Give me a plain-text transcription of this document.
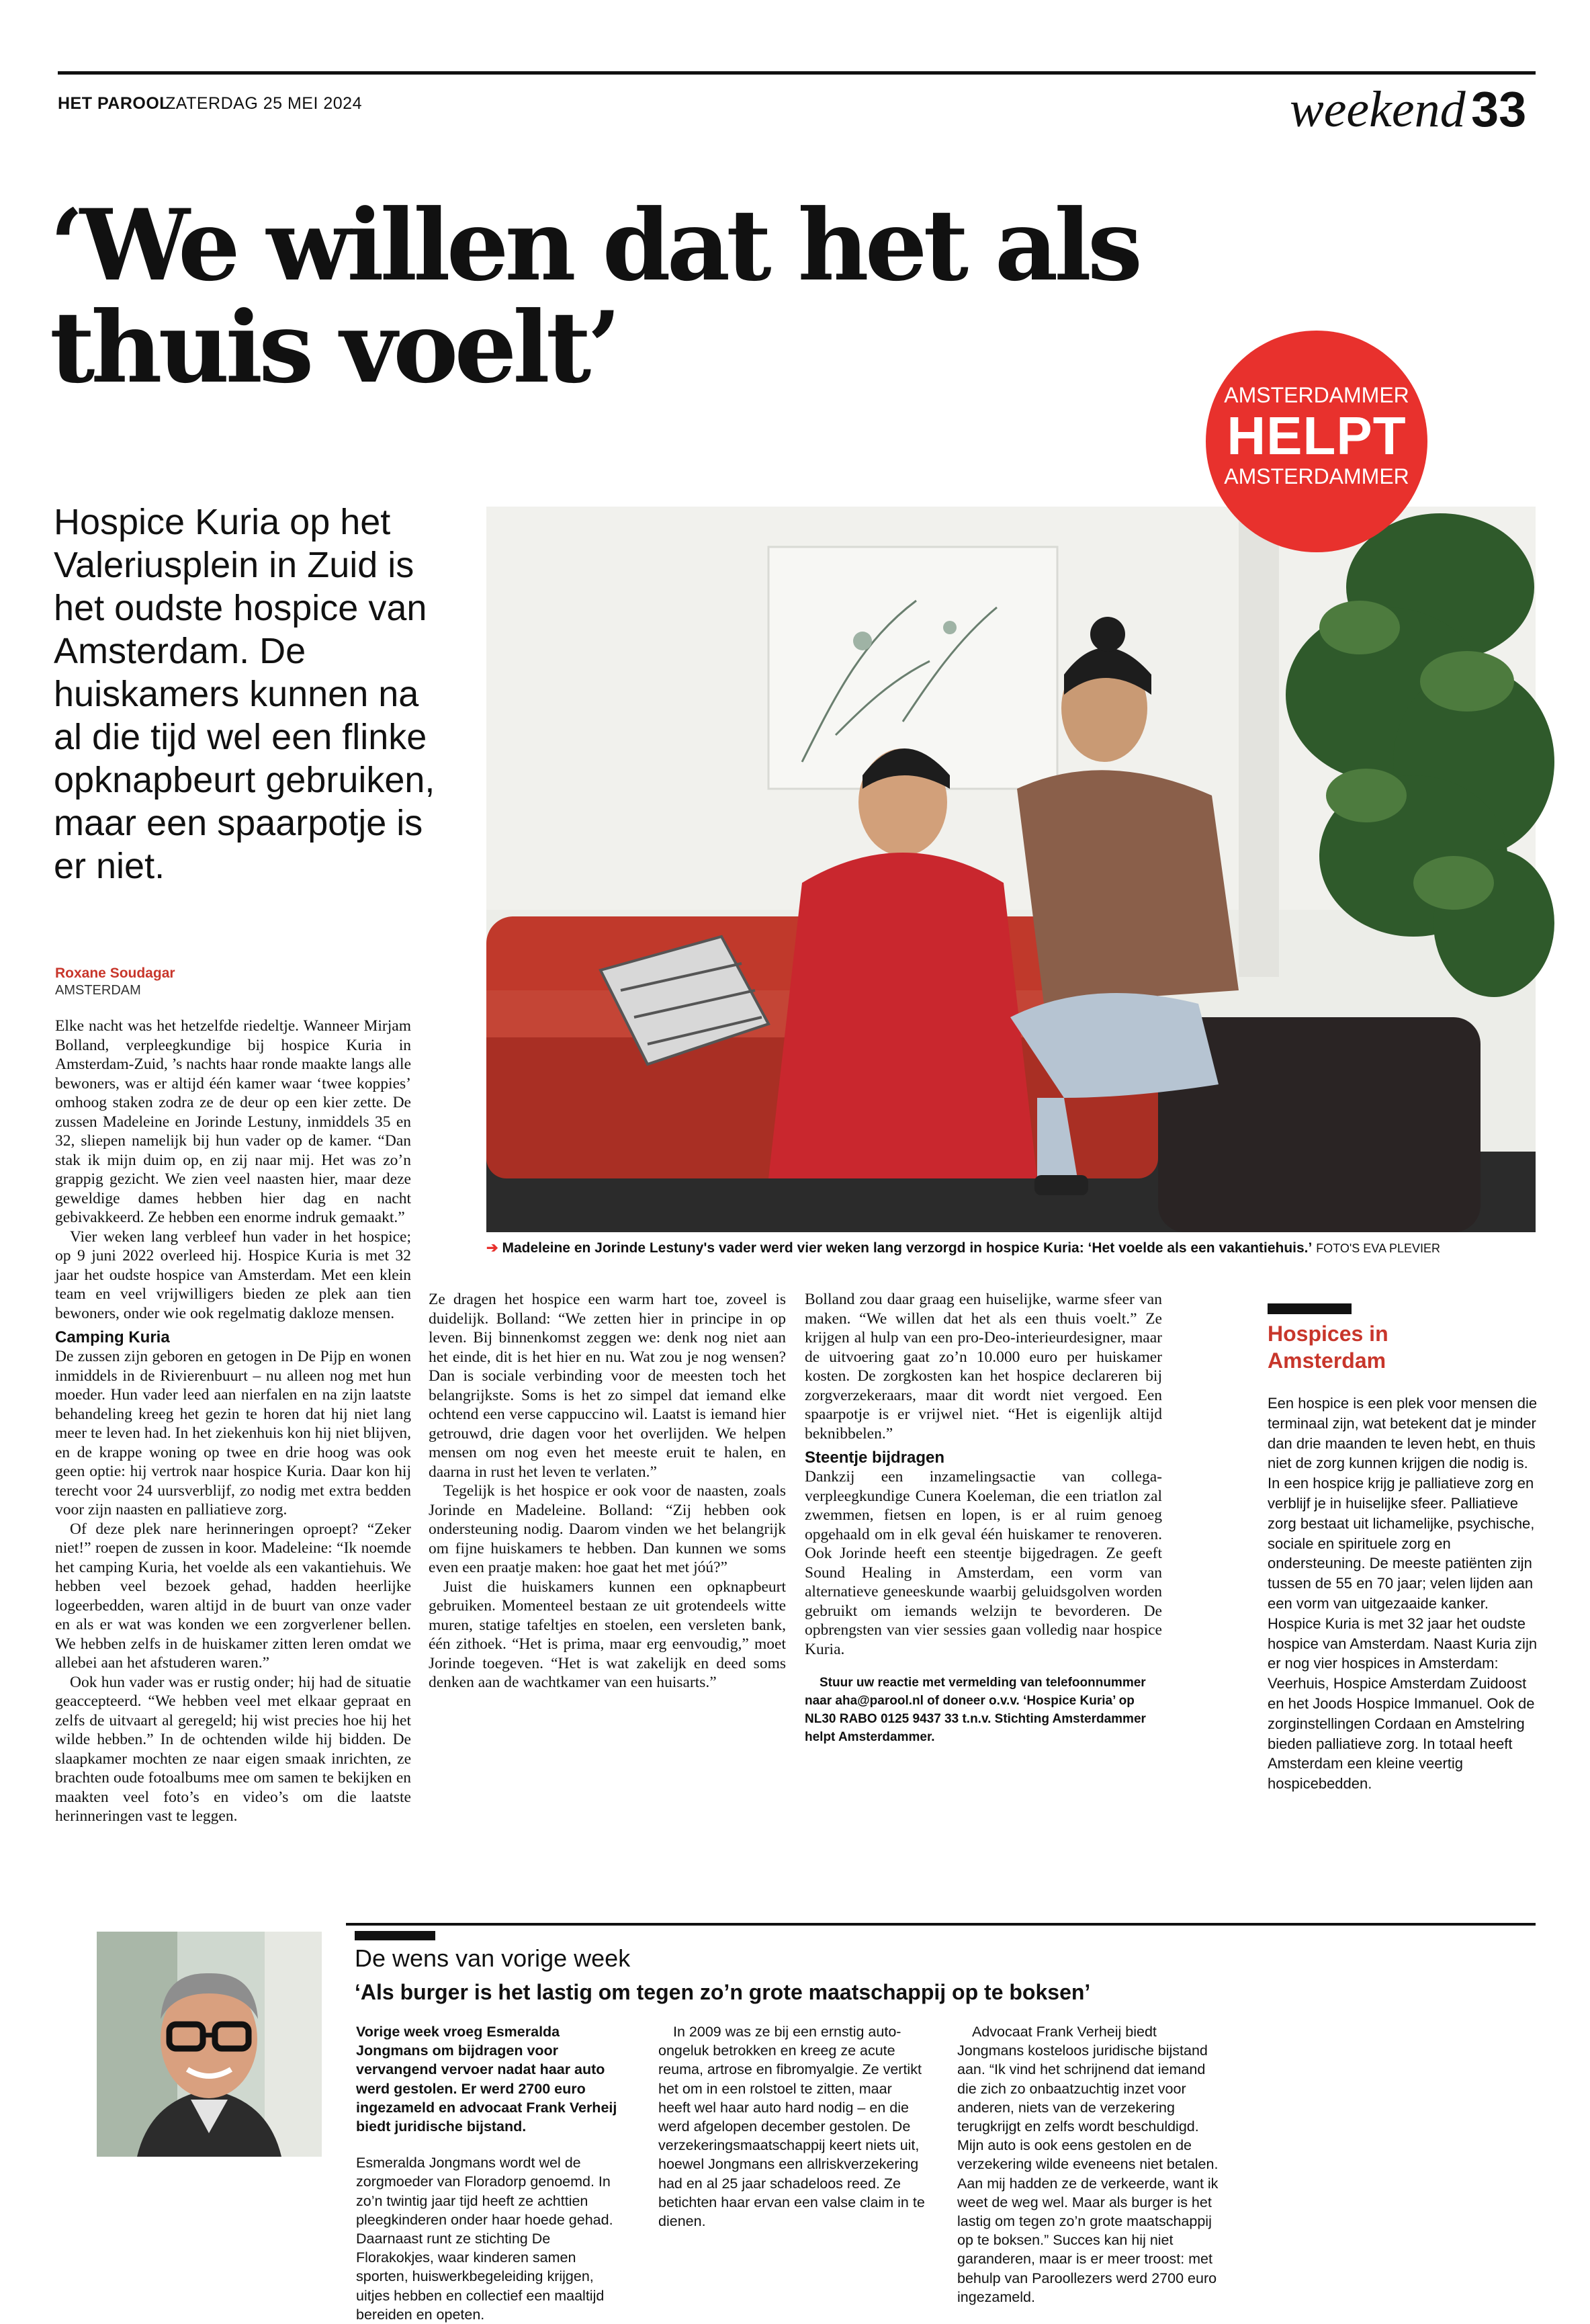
HET PAROOL
ZATERDAG 25 MEI 2024	weekend 33
‘We willen dat het als thuis voelt’
Hospice Kuria op het Valeriusplein in Zuid is het oudste hospice van Amsterdam. De huiskamers kunnen na al die tijd wel een flinke opknapbeurt gebruiken, maar een spaarpotje is er niet.
AMSTERDAMMER
HELPT
AMSTERDAMMER
➔ Madeleine en Jorinde Lestuny's vader werd vier weken lang verzorgd in hospice Kuria: ‘Het voelde als een vakantiehuis.’ FOTO'S EVA PLEVIER
Roxane Soudagar
AMSTERDAM

Elke nacht was het hetzelfde riedeltje. Wanneer Mirjam Bolland, verpleegkundige bij hospice Kuria in Amsterdam-Zuid, ’s nachts haar ronde maakte langs alle bewoners, was er altijd één kamer waar ‘twee koppies’ omhoog staken zodra ze de deur op een kier zette. De zussen Madeleine en Jorinde Lestuny, inmiddels 35 en 32, sliepen namelijk bij hun vader op de kamer. “Dan stak ik mijn duim op, en zij naar mij. Het was zo’n grappig gezicht. We zien veel naasten hier, maar deze geweldige dames hebben hier dag en nacht gebivakkeerd. Ze hebben een enorme indruk gemaakt.”

Vier weken lang verbleef hun vader in het hospice; op 9 juni 2022 overleed hij. Hospice Kuria is met 32 jaar het oudste hospice van Amsterdam. Met een klein team en veel vrijwilligers bieden ze plek aan tien bewoners, onder wie ook regelmatig dakloze mensen.

Camping Kuria

De zussen zijn geboren en getogen in De Pijp en wonen inmiddels in de Rivierenbuurt – nu alleen nog met hun moeder. Hun vader leed aan nierfalen en na zijn laatste behandeling kreeg het gezin te horen dat hij niet lang meer te leven had. In het ziekenhuis kon hij niet blijven, en de krappe woning op twee en drie hoog was ook geen optie: hij vertrok naar hospice Kuria. Daar kon hij terecht voor 24 uursverblijf, zo nodig met extra bedden voor zijn naasten en palliatieve zorg.

Of deze plek nare herinneringen oproept? “Zeker niet!” roepen de zussen in koor. Madeleine: “Ik noemde het camping Kuria, het voelde als een vakantiehuis. We hebben veel bezoek gehad, hadden heerlijke logeerbedden, waren altijd in de buurt van onze vader en als er wat was konden we een zorgverlener bellen. We hebben zelfs in de huiskamer zitten leren omdat we allebei aan het afstuderen waren.”

Ook hun vader was er rustig onder; hij had de situatie geaccepteerd. “We hebben veel met elkaar gepraat en zelfs de uitvaart al geregeld; hij wist precies hoe hij het wilde hebben.” In de ochtenden wilde hij bidden. De slaapkamer mochten ze naar eigen smaak inrichten, ze brachten oude fotoalbums mee om samen te bekijken en maakten veel foto’s en video’s om die laatste herinneringen vast te leggen.

Ze dragen het hospice een warm hart toe, zoveel is duidelijk. Bolland: “We zetten hier in principe in op leven. Bij binnenkomst zeggen we: denk nog niet aan het einde, dit is het hier en nu. Wat zou je nog wensen? Dan is sociale verbinding voor de meesten toch het belangrijkste. Soms is het zo simpel dat iemand elke ochtend een verse cappuccino wil. Laatst is iemand hier getrouwd, drie dagen voor het overlijden. We helpen mensen om nog even het meeste eruit te halen, en daarna in rust het leven te verlaten.”

Tegelijk is het hospice er ook voor de naasten, zoals Jorinde en Madeleine. Bolland: “Zij hebben ook ondersteuning nodig. Daarom vinden we het belangrijk om fijne huiskamers te hebben. Dan kunnen we soms even een praatje maken: hoe gaat het met jóú?”

Juist die huiskamers kunnen een opknapbeurt gebruiken. Momenteel bestaan ze uit grotendeels witte muren, statige tafeltjes en stoelen, een versleten bank, één zithoek. “Het is prima, maar erg eenvoudig,” moet Jorinde toegeven. “Het is wat zakelijk en deed soms denken aan de wachtkamer van een huisarts.”

Bolland zou daar graag een huiselijke, warme sfeer van maken. “We willen dat het als een thuis voelt.” Ze krijgen al hulp van een pro-Deo-interieurdesigner, maar de uitvoering gaat zo’n 10.000 euro per huiskamer kosten. De zorgkosten kan het hospice declareren bij zorgverzekeraars, maar dit wordt niet vergoed. Een spaarpotje is er vrijwel niet. “Het is eigenlijk altijd beknibbelen.”

Steentje bijdragen

Dankzij een inzamelingsactie van collega-verpleegkundige Cunera Koeleman, die een triatlon zal zwemmen, fietsen en lopen, is er al ruim genoeg opgehaald om in elk geval één huiskamer te renoveren. Ook Jorinde heeft een steentje bijgedragen. Ze geeft Sound Healing in Amsterdam, een vorm van alternatieve geneeskunde waarbij geluidsgolven worden gebruikt om iemands welzijn te bevorderen. De opbrengsten van vier sessies gaan volledig naar hospice Kuria.

Stuur uw reactie met vermelding van telefoonnummer naar aha@parool.nl of doneer o.v.v. ‘Hospice Kuria’ op NL30 RABO 0125 9437 33 t.n.v. Stichting Amsterdammer helpt Amsterdammer.

Hospices in Amsterdam
Een hospice is een plek voor mensen die terminaal zijn, wat betekent dat je minder dan drie maanden te leven hebt, en thuis niet de zorg kunnen krijgen die nodig is. In een hospice krijg je palliatieve zorg en verblijf je in huiselijke sfeer. Palliatieve zorg bestaat uit lichamelijke, psychische, sociale en spirituele zorg en ondersteuning. De meeste patiënten zijn tussen de 55 en 70 jaar; velen lijden aan een vorm van uitgezaaide kanker. Hospice Kuria is met 32 jaar het oudste hospice van Amsterdam. Naast Kuria zijn er nog vier hospices in Amsterdam: Veerhuis, Hospice Amsterdam Zuidoost en het Joods Hospice Immanuel. Ook de zorginstellingen Cordaan en Amstelring bieden palliatieve zorg. In totaal heeft Amsterdam een kleine veertig hospicebedden.
De wens van vorige week
‘Als burger is het lastig om tegen zo’n grote maatschappij op te boksen’

Vorige week vroeg Esmeralda Jongmans om bijdragen voor vervangend vervoer nadat haar auto werd gestolen. Er werd 2700 euro ingezameld en advocaat Frank Verheij biedt juridische bijstand.

Esmeralda Jongmans wordt wel de zorgmoeder van Floradorp genoemd. In zo’n twintig jaar tijd heeft ze achttien pleegkinderen onder haar hoede gehad. Daarnaast runt ze stichting De Florakokjes, waar kinderen samen sporten, huiswerkbegeleiding krijgen, uitjes hebben en collectief een maaltijd bereiden en opeten.

In 2009 was ze bij een ernstig auto-ongeluk betrokken en kreeg ze acute reuma, artrose en fibromyalgie. Ze vertikt het om in een rolstoel te zitten, maar heeft wel haar auto hard nodig – en die werd afgelopen december gestolen. De verzekeringsmaatschappij keert niets uit, hoewel Jongmans een allriskverzekering had en al 25 jaar schadeloos reed. Ze betichten haar ervan een valse claim in te dienen.

Advocaat Frank Verheij biedt Jongmans kosteloos juridische bijstand aan. “Ik vind het schrijnend dat iemand die zich zo onbaatzuchtig inzet voor anderen, niets van de verzekering terugkrijgt en zelfs wordt beschuldigd. Mijn auto is ook eens gestolen en de verzekering wilde eveneens niet betalen. Aan mij hadden ze de verkeerde, want ik weet de weg wel. Maar als burger is het lastig om tegen zo’n grote maatschappij op te boksen.” Succes kan hij niet garanderen, maar is er meer troost: met behulp van Paroollezers werd 2700 euro ingezameld.
